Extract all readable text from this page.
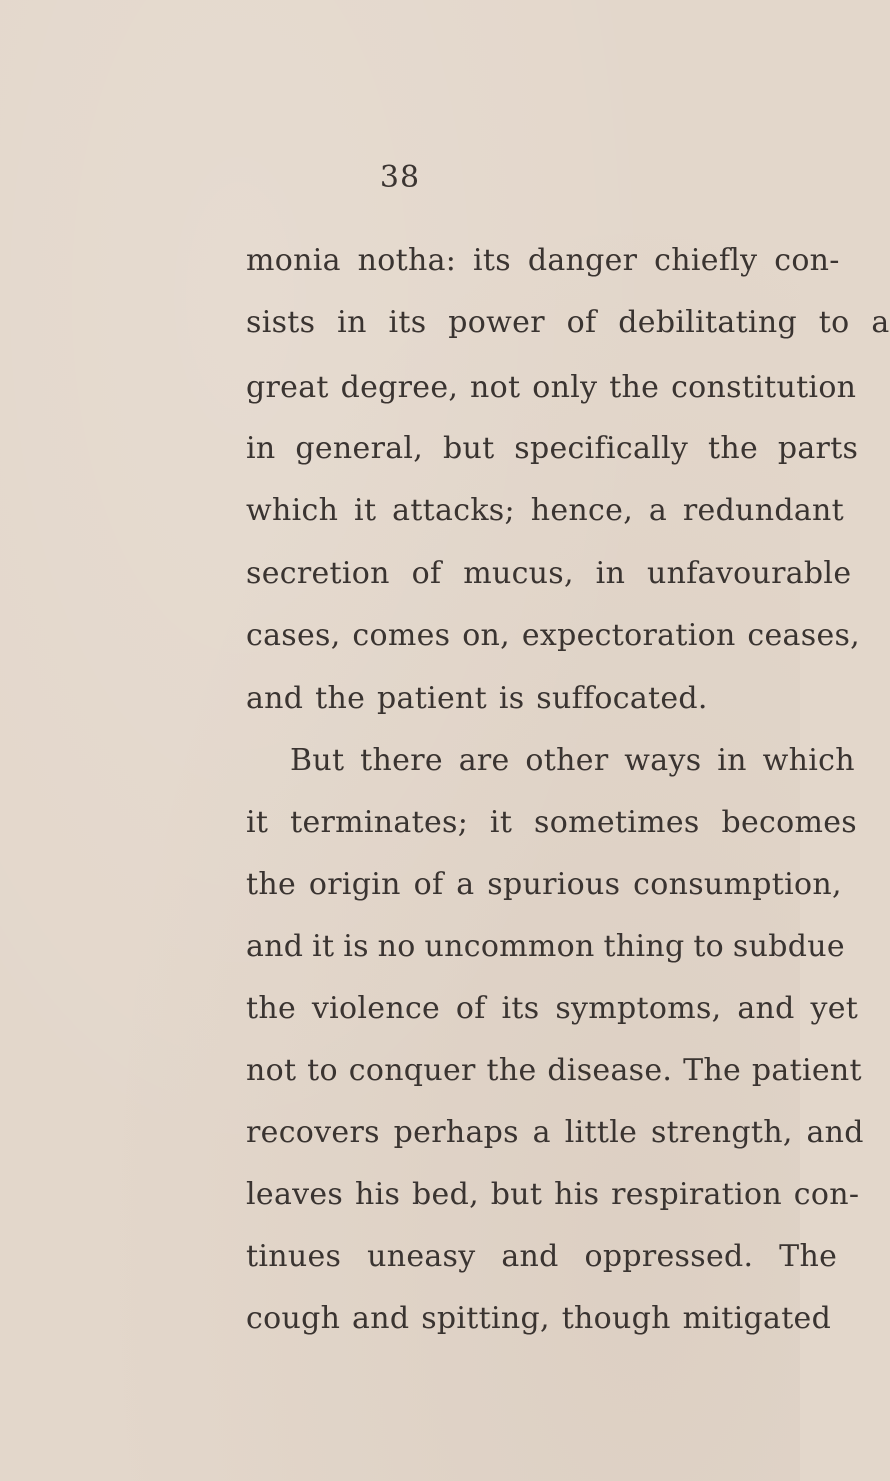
38
monia notha: its danger chiefly con-
sists in its power of debilitating to a
great degree, not only the constitution
in general, but specifically the parts
which it attacks; hence, a redundant
secretion of mucus, in unfavourable
cases, comes on, expectoration ceases,
and the patient is suffocated.
But there are other ways in which
it terminates; it sometimes becomes
the origin of a spurious consumption,
and it is no uncommon thing to subdue
the violence of its symptoms, and yet
not to conquer the disease. The patient
recovers perhaps a little strength, and
leaves his bed, but his respiration con-
tinues uneasy and oppressed. The
cough and spitting, though mitigated
